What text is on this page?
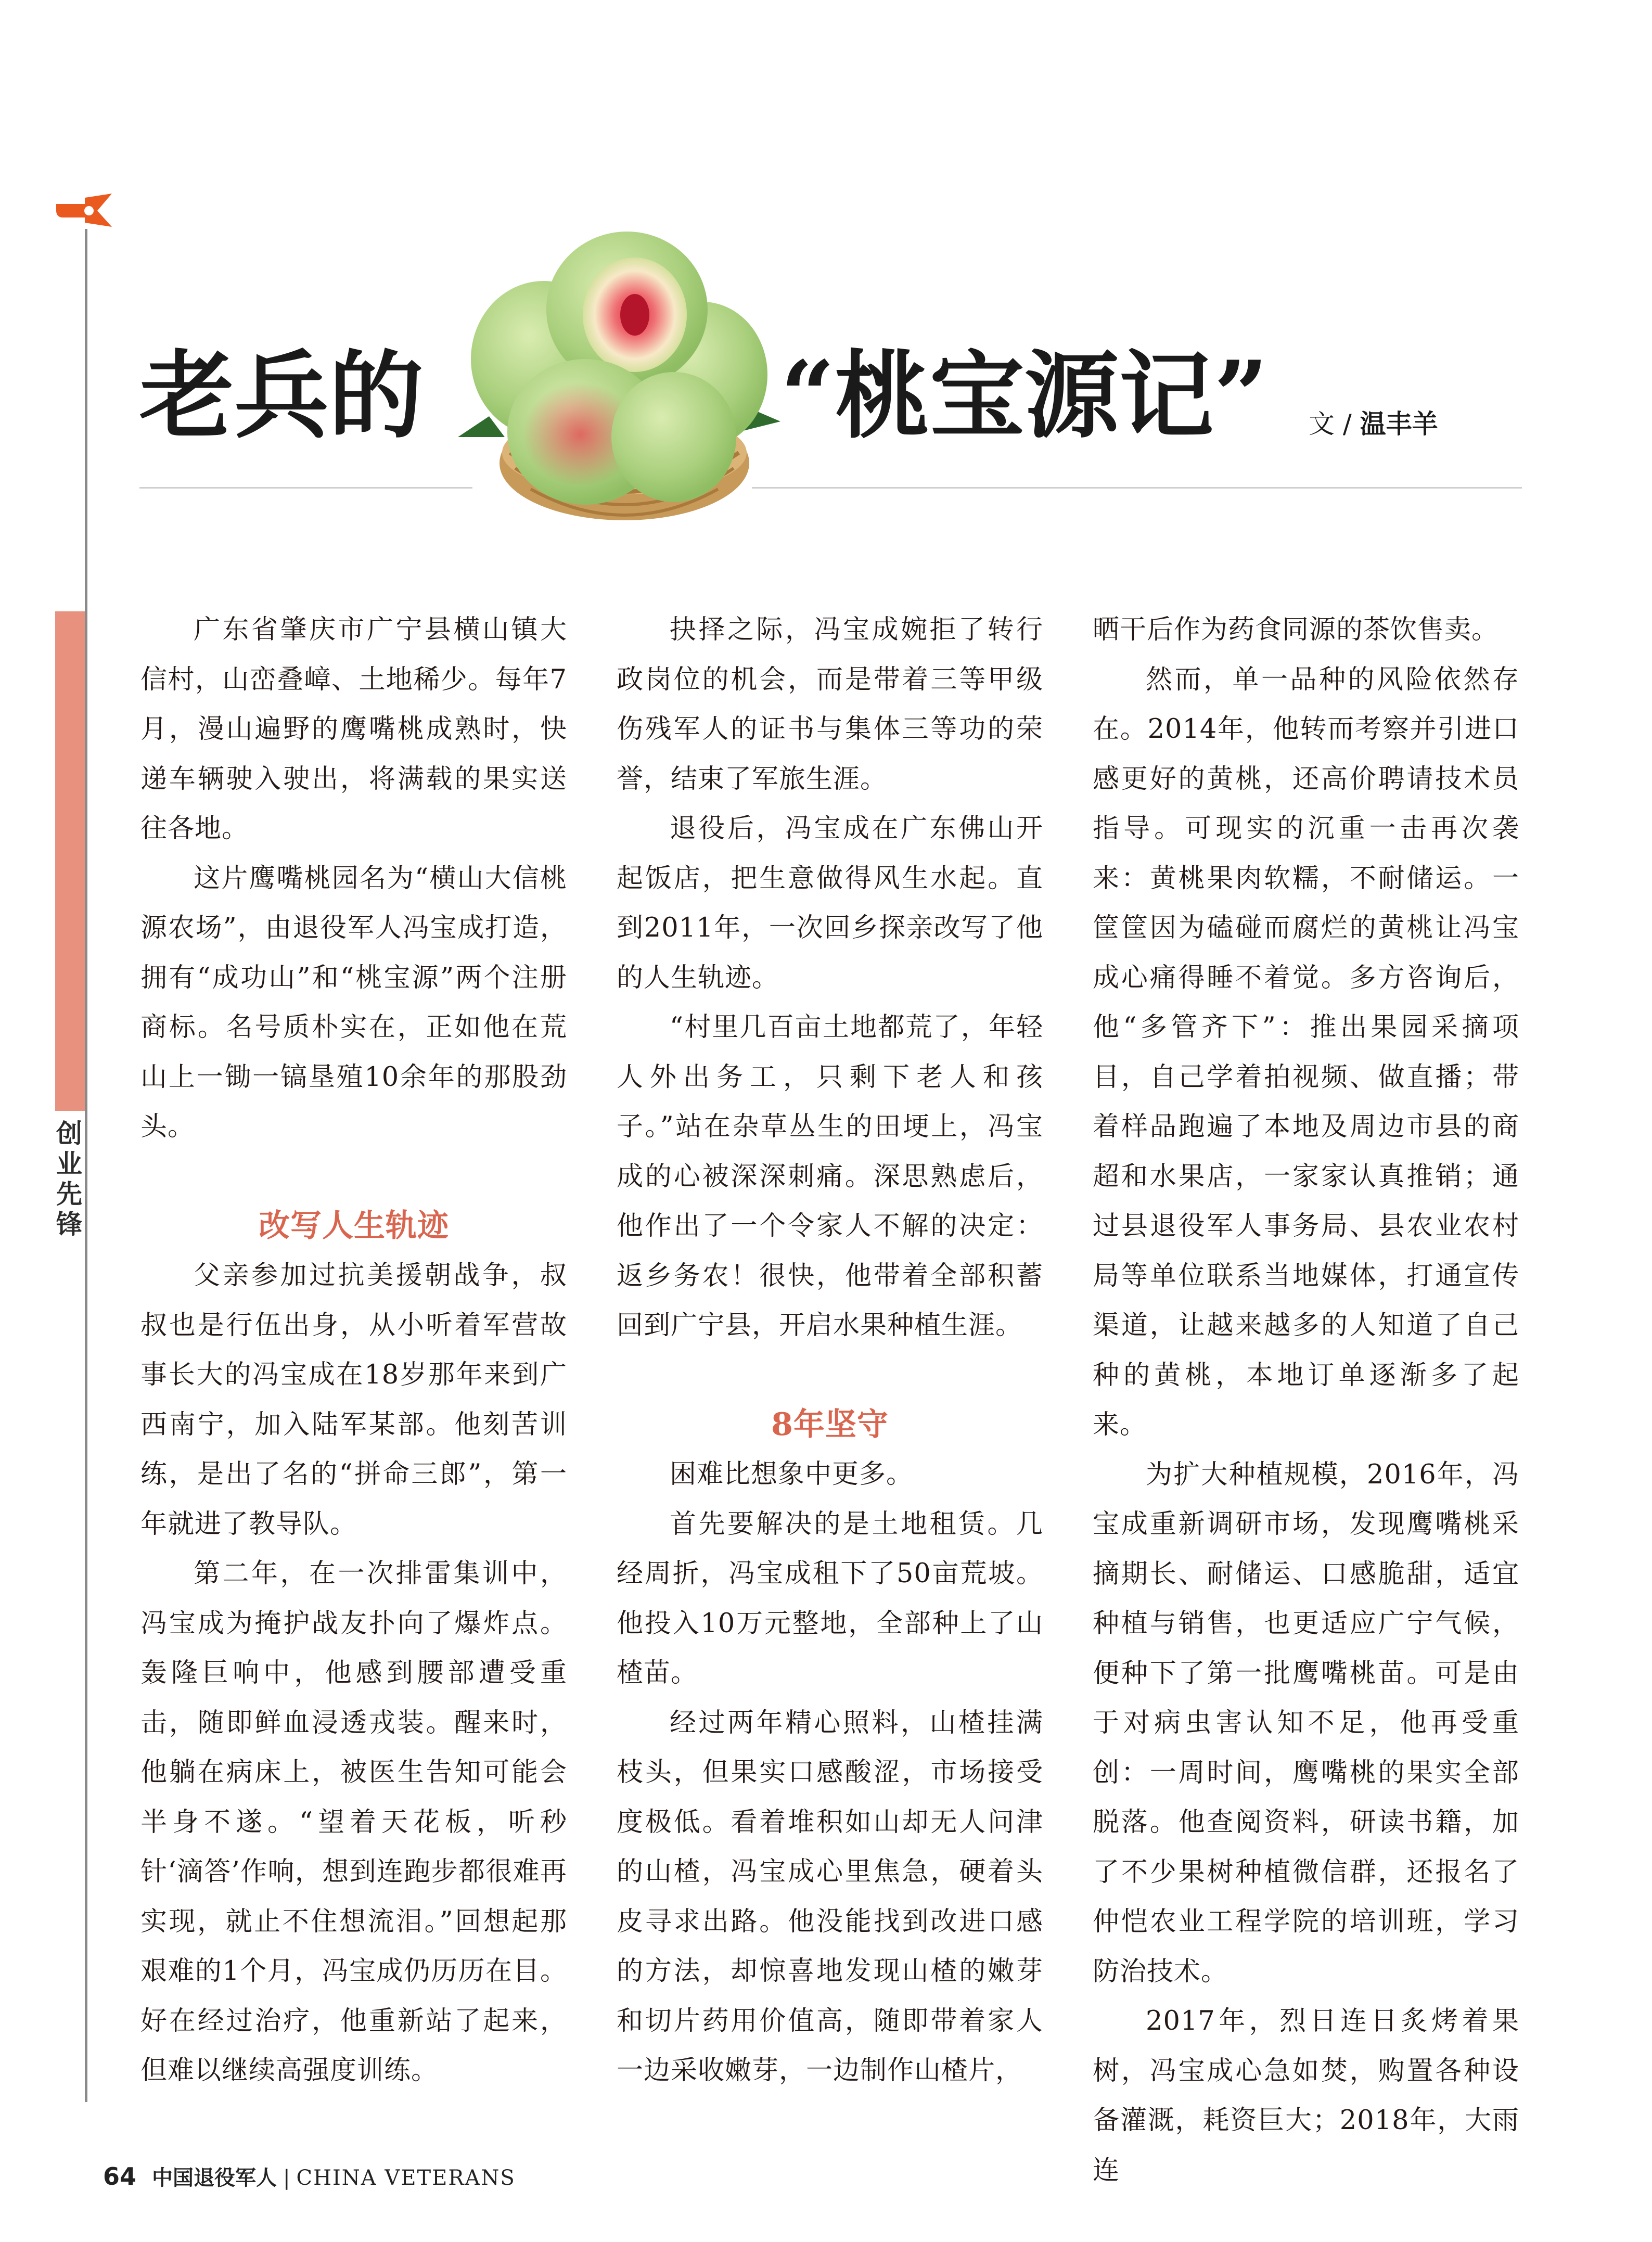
创
业
先
锋
老兵的	“桃宝源记” 文 / 温丰羊

广东省肇庆市广宁县横山镇大信村，山峦叠嶂、土地稀少。每年7月，漫山遍野的鹰嘴桃成熟时，快递车辆驶入驶出，将满载的果实送往各地。

这片鹰嘴桃园名为“横山大信桃源农场”，由退役军人冯宝成打造，拥有“成功山”和“桃宝源”两个注册商标。名号质朴实在，正如他在荒山上一锄一镐垦殖10余年的那股劲头。

改写人生轨迹

父亲参加过抗美援朝战争，叔叔也是行伍出身，从小听着军营故事长大的冯宝成在18岁那年来到广西南宁，加入陆军某部。他刻苦训练，是出了名的“拼命三郎”，第一年就进了教导队。

第二年，在一次排雷集训中，冯宝成为掩护战友扑向了爆炸点。轰隆巨响中，他感到腰部遭受重击，随即鲜血浸透戎装。醒来时，他躺在病床上，被医生告知可能会半身不遂。“望着天花板，听秒针‘滴答’作响，想到连跑步都很难再实现，就止不住想流泪。”回想起那艰难的1个月，冯宝成仍历历在目。好在经过治疗，他重新站了起来，但难以继续高强度训练。

抉择之际，冯宝成婉拒了转行政岗位的机会，而是带着三等甲级伤残军人的证书与集体三等功的荣誉，结束了军旅生涯。

退役后，冯宝成在广东佛山开起饭店，把生意做得风生水起。直到2011年，一次回乡探亲改写了他的人生轨迹。

“村里几百亩土地都荒了，年轻人外出务工，只剩下老人和孩子。”站在杂草丛生的田埂上，冯宝成的心被深深刺痛。深思熟虑后，他作出了一个令家人不解的决定：返乡务农！很快，他带着全部积蓄回到广宁县，开启水果种植生涯。

8年坚守

困难比想象中更多。

首先要解决的是土地租赁。几经周折，冯宝成租下了50亩荒坡。他投入10万元整地，全部种上了山楂苗。

经过两年精心照料，山楂挂满枝头，但果实口感酸涩，市场接受度极低。看着堆积如山却无人问津的山楂，冯宝成心里焦急，硬着头皮寻求出路。他没能找到改进口感的方法，却惊喜地发现山楂的嫩芽和切片药用价值高，随即带着家人一边采收嫩芽，一边制作山楂片，

晒干后作为药食同源的茶饮售卖。

然而，单一品种的风险依然存在。2014年，他转而考察并引进口感更好的黄桃，还高价聘请技术员指导。可现实的沉重一击再次袭来：黄桃果肉软糯，不耐储运。一筐筐因为磕碰而腐烂的黄桃让冯宝成心痛得睡不着觉。多方咨询后，他“多管齐下”：推出果园采摘项目，自己学着拍视频、做直播；带着样品跑遍了本地及周边市县的商超和水果店，一家家认真推销；通过县退役军人事务局、县农业农村局等单位联系当地媒体，打通宣传渠道，让越来越多的人知道了自己种的黄桃，本地订单逐渐多了起来。

为扩大种植规模，2016年，冯宝成重新调研市场，发现鹰嘴桃采摘期长、耐储运、口感脆甜，适宜种植与销售，也更适应广宁气候，便种下了第一批鹰嘴桃苗。可是由于对病虫害认知不足，他再受重创：一周时间，鹰嘴桃的果实全部脱落。他查阅资料，研读书籍，加了不少果树种植微信群，还报名了仲恺农业工程学院的培训班，学习防治技术。

2017年，烈日连日炙烤着果树，冯宝成心急如焚，购置各种设备灌溉，耗资巨大；2018年，大雨连

64 中国退役军人 | CHINA VETERANS
